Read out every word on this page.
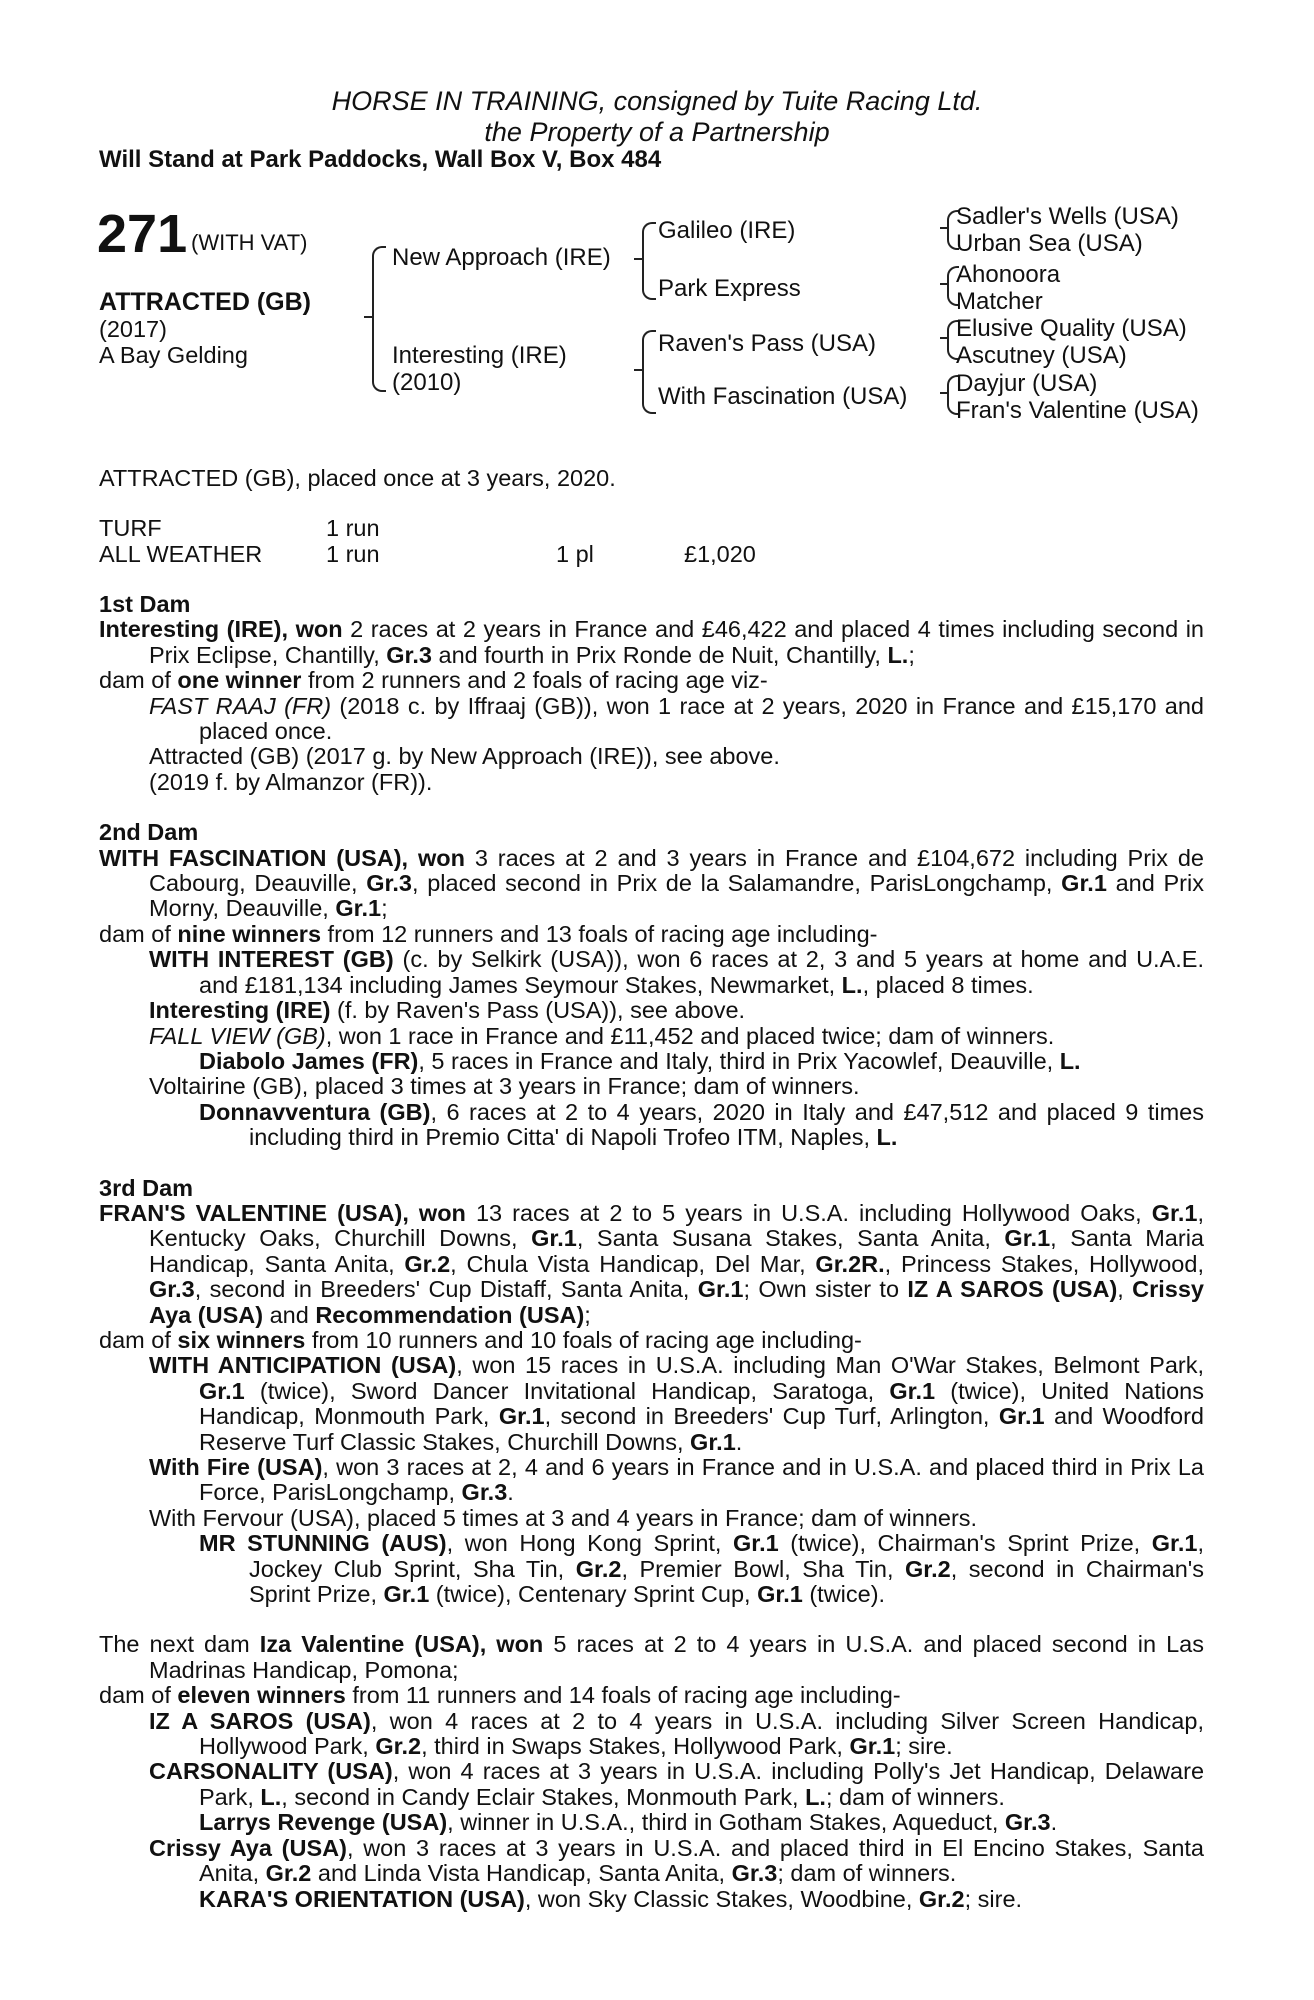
HORSE IN TRAINING, consigned by Tuite Racing Ltd.
the Property of a Partnership
Will Stand at Park Paddocks, Wall Box V, Box 484
271 (WITH VAT)
ATTRACTED (GB)
(2017)
A Bay Gelding
New Approach (IRE)
Interesting (IRE)
(2010)
Galileo (IRE)
Park Express
Raven's Pass (USA)
With Fascination (USA)
Sadler's Wells (USA)
Urban Sea (USA)
Ahonoora
Matcher
Elusive Quality (USA)
Ascutney (USA)
Dayjur (USA)
Fran's Valentine (USA)
ATTRACTED (GB), placed once at 3 years, 2020.
TURF	1 run
ALL WEATHER	1 run	1 pl	£1,020

1st Dam

Interesting (IRE), won 2 races at 2 years in France and £46,422 and placed 4 times including second in Prix Eclipse, Chantilly, Gr.3 and fourth in Prix Ronde de Nuit, Chantilly, L.;

dam of one winner from 2 runners and 2 foals of racing age viz-

FAST RAAJ (FR) (2018 c. by Iffraaj (GB)), won 1 race at 2 years, 2020 in France and £15,170 and placed once.

Attracted (GB) (2017 g. by New Approach (IRE)), see above.

(2019 f. by Almanzor (FR)).

2nd Dam

WITH FASCINATION (USA), won 3 races at 2 and 3 years in France and £104,672 including Prix de Cabourg, Deauville, Gr.3, placed second in Prix de la Salamandre, ParisLongchamp, Gr.1 and Prix Morny, Deauville, Gr.1;

dam of nine winners from 12 runners and 13 foals of racing age including-

WITH INTEREST (GB) (c. by Selkirk (USA)), won 6 races at 2, 3 and 5 years at home and U.A.E. and £181,134 including James Seymour Stakes, Newmarket, L., placed 8 times.

Interesting (IRE) (f. by Raven's Pass (USA)), see above.

FALL VIEW (GB), won 1 race in France and £11,452 and placed twice; dam of winners.

Diabolo James (FR), 5 races in France and Italy, third in Prix Yacowlef, Deauville, L.

Voltairine (GB), placed 3 times at 3 years in France; dam of winners.

Donnavventura (GB), 6 races at 2 to 4 years, 2020 in Italy and £47,512 and placed 9 times including third in Premio Citta' di Napoli Trofeo ITM, Naples, L.

3rd Dam

FRAN'S VALENTINE (USA), won 13 races at 2 to 5 years in U.S.A. including Hollywood Oaks, Gr.1, Kentucky Oaks, Churchill Downs, Gr.1, Santa Susana Stakes, Santa Anita, Gr.1, Santa Maria Handicap, Santa Anita, Gr.2, Chula Vista Handicap, Del Mar, Gr.2R., Princess Stakes, Hollywood, Gr.3, second in Breeders' Cup Distaff, Santa Anita, Gr.1; Own sister to IZ A SAROS (USA), Crissy Aya (USA) and Recommendation (USA);

dam of six winners from 10 runners and 10 foals of racing age including-

WITH ANTICIPATION (USA), won 15 races in U.S.A. including Man O'War Stakes, Belmont Park, Gr.1 (twice), Sword Dancer Invitational Handicap, Saratoga, Gr.1 (twice), United Nations Handicap, Monmouth Park, Gr.1, second in Breeders' Cup Turf, Arlington, Gr.1 and Woodford Reserve Turf Classic Stakes, Churchill Downs, Gr.1.

With Fire (USA), won 3 races at 2, 4 and 6 years in France and in U.S.A. and placed third in Prix La Force, ParisLongchamp, Gr.3.

With Fervour (USA), placed 5 times at 3 and 4 years in France; dam of winners.

MR STUNNING (AUS), won Hong Kong Sprint, Gr.1 (twice), Chairman's Sprint Prize, Gr.1, Jockey Club Sprint, Sha Tin, Gr.2, Premier Bowl, Sha Tin, Gr.2, second in Chairman's Sprint Prize, Gr.1 (twice), Centenary Sprint Cup, Gr.1 (twice).

The next dam Iza Valentine (USA), won 5 races at 2 to 4 years in U.S.A. and placed second in Las Madrinas Handicap, Pomona;

dam of eleven winners from 11 runners and 14 foals of racing age including-

IZ A SAROS (USA), won 4 races at 2 to 4 years in U.S.A. including Silver Screen Handicap, Hollywood Park, Gr.2, third in Swaps Stakes, Hollywood Park, Gr.1; sire.

CARSONALITY (USA), won 4 races at 3 years in U.S.A. including Polly's Jet Handicap, Delaware Park, L., second in Candy Eclair Stakes, Monmouth Park, L.; dam of winners.

Larrys Revenge (USA), winner in U.S.A., third in Gotham Stakes, Aqueduct, Gr.3.

Crissy Aya (USA), won 3 races at 3 years in U.S.A. and placed third in El Encino Stakes, Santa Anita, Gr.2 and Linda Vista Handicap, Santa Anita, Gr.3; dam of winners.

KARA'S ORIENTATION (USA), won Sky Classic Stakes, Woodbine, Gr.2; sire.
